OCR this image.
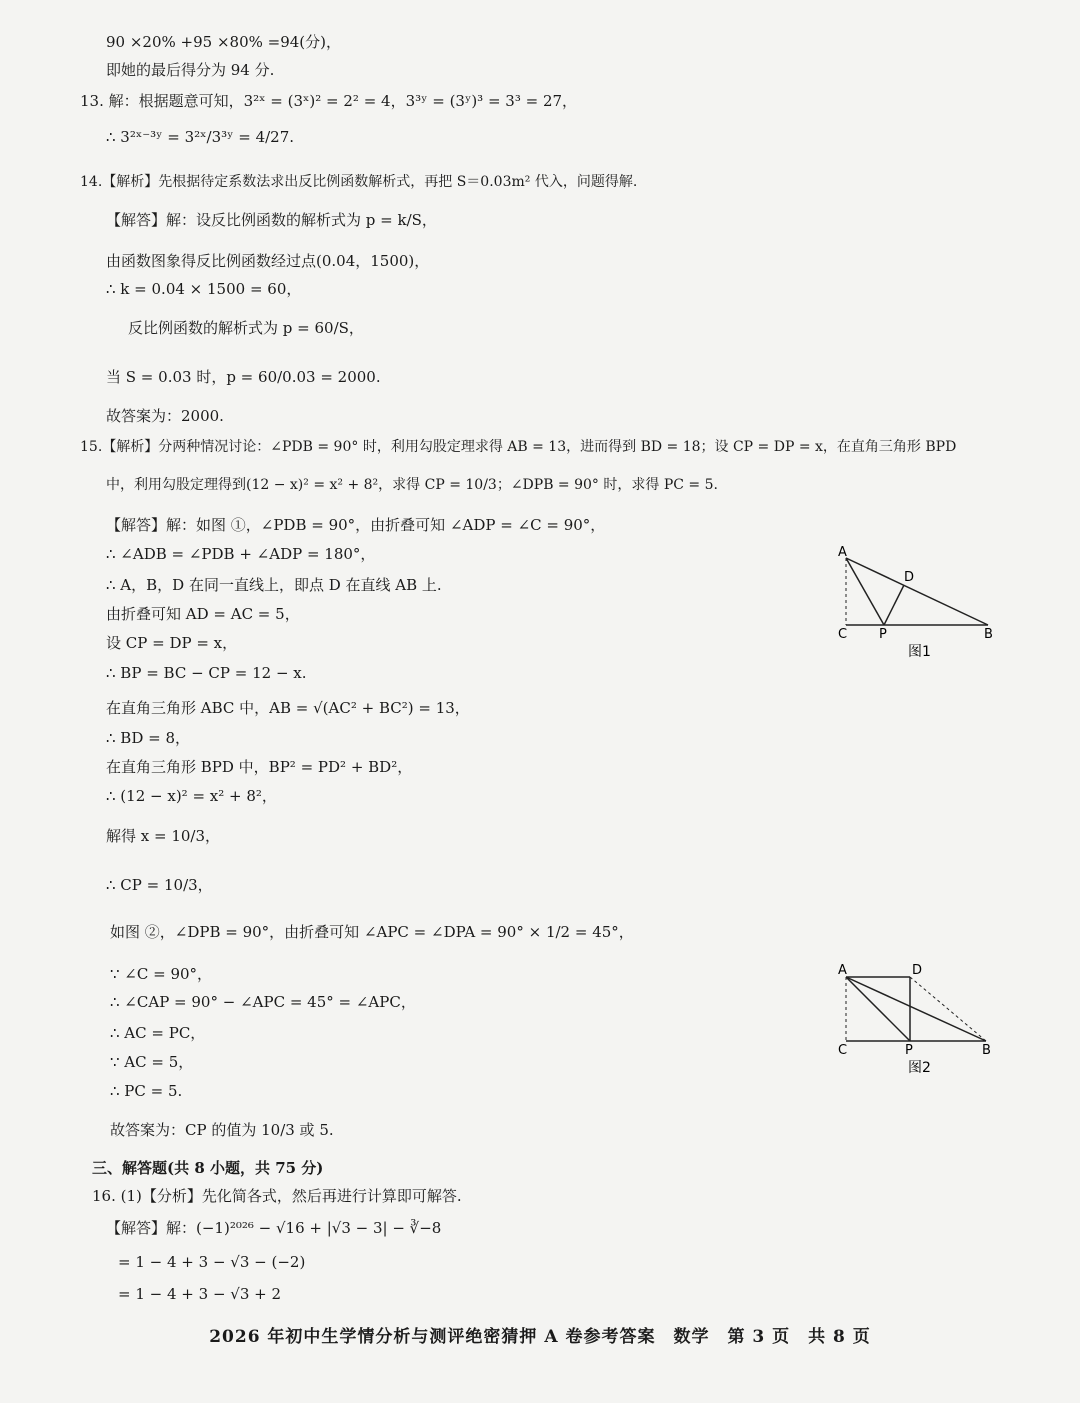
90 ×20% +95 ×80% =94(分)，
即她的最后得分为 94 分.
13. 解：根据题意可知，3²ˣ = (3ˣ)² = 2² = 4，3³ʸ = (3ʸ)³ = 3³ = 27，
∴ 3²ˣ⁻³ʸ = 3²ˣ/3³ʸ = 4/27.
14.【解析】先根据待定系数法求出反比例函数解析式，再把 S＝0.03m² 代入，问题得解.
【解答】解：设反比例函数的解析式为 p = k/S，
由函数图象得反比例函数经过点(0.04，1500)，
∴ k = 0.04 × 1500 = 60，
反比例函数的解析式为 p = 60/S，
当 S = 0.03 时，p = 60/0.03 = 2000.
故答案为：2000.
15.【解析】分两种情况讨论：∠PDB = 90° 时，利用勾股定理求得 AB = 13，进而得到 BD = 18；设 CP = DP = x，在直角三角形 BPD
中，利用勾股定理得到(12 − x)² = x² + 8²，求得 CP = 10/3；∠DPB = 90° 时，求得 PC = 5.
【解答】解：如图 ①，∠PDB = 90°，由折叠可知 ∠ADP = ∠C = 90°，
∴ ∠ADB = ∠PDB + ∠ADP = 180°，
∴ A，B，D 在同一直线上，即点 D 在直线 AB 上.
由折叠可知 AD = AC = 5，
设 CP = DP = x，
∴ BP = BC − CP = 12 − x.
在直角三角形 ABC 中，AB = √(AC² + BC²) = 13，
∴ BD = 8，
在直角三角形 BPD 中，BP² = PD² + BD²，
∴ (12 − x)² = x² + 8²，
解得 x = 10/3，
∴ CP = 10/3，
如图 ②，∠DPB = 90°，由折叠可知 ∠APC = ∠DPA = 90° × 1/2 = 45°，
∵ ∠C = 90°，
∴ ∠CAP = 90° − ∠APC = 45° = ∠APC，
∴ AC = PC，
∵ AC = 5，
∴ PC = 5.
故答案为：CP 的值为 10/3 或 5.
三、解答题(共 8 小题，共 75 分)
16. (1)【分析】先化简各式，然后再进行计算即可解答.
【解答】解：(−1)²⁰²⁶ − √16 + |√3 − 3| − ∛−8
= 1 − 4 + 3 − √3 − (−2)
= 1 − 4 + 3 − √3 + 2
A
D
C P	B
图1
A	D
C	P	B
图2
2026 年初中生学情分析与测评绝密猜押 A 卷参考答案　数学　第 3 页　共 8 页
